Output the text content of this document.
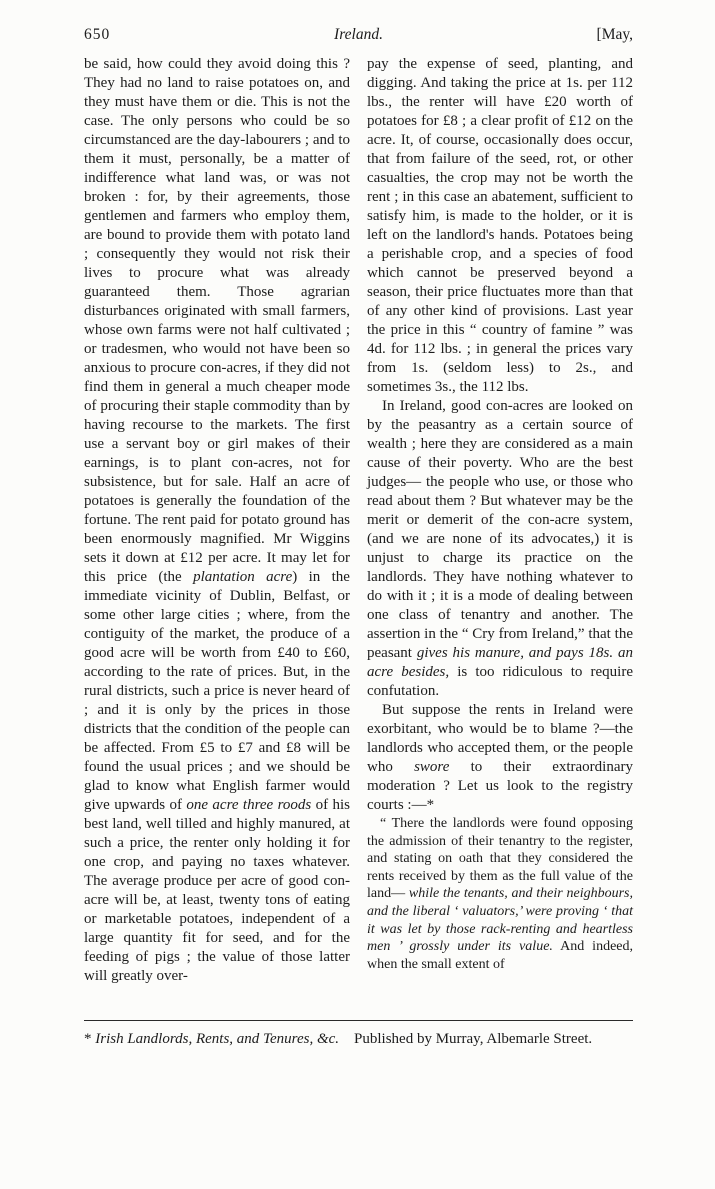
650	Ireland.	[May,

be said, how could they avoid doing this ? They had no land to raise potatoes on, and they must have them or die. This is not the case. The only persons who could be so circumstanced are the day-labourers ; and to them it must, personally, be a matter of indifference what land was, or was not broken : for, by their agreements, those gentlemen and farmers who employ them, are bound to provide them with potato land ; consequently they would not risk their lives to procure what was already guaranteed them. Those agrarian disturbances originated with small farmers, whose own farms were not half cultivated ; or tradesmen, who would not have been so anxious to procure con-acres, if they did not find them in general a much cheaper mode of procuring their staple commodity than by having recourse to the markets. The first use a servant boy or girl makes of their earnings, is to plant con-acres, not for subsistence, but for sale. Half an acre of potatoes is generally the foundation of the fortune. The rent paid for potato ground has been enormously magnified. Mr Wiggins sets it down at £12 per acre. It may let for this price (the plantation acre) in the immediate vicinity of Dublin, Belfast, or some other large cities ; where, from the contiguity of the market, the produce of a good acre will be worth from £40 to £60, according to the rate of prices. But, in the rural districts, such a price is never heard of ; and it is only by the prices in those districts that the condition of the people can be affected. From £5 to £7 and £8 will be found the usual prices ; and we should be glad to know what English farmer would give upwards of one acre three roods of his best land, well tilled and highly manured, at such a price, the renter only holding it for one crop, and paying no taxes whatever. The average produce per acre of good con-acre will be, at least, twenty tons of eating or marketable potatoes, independent of a large quantity fit for seed, and for the feeding of pigs ; the value of those latter will greatly over-

pay the expense of seed, planting, and digging. And taking the price at 1s. per 112 lbs., the renter will have £20 worth of potatoes for £8 ; a clear profit of £12 on the acre. It, of course, occasionally does occur, that from failure of the seed, rot, or other casualties, the crop may not be worth the rent ; in this case an abatement, sufficient to satisfy him, is made to the holder, or it is left on the landlord's hands. Potatoes being a perishable crop, and a species of food which cannot be preserved beyond a season, their price fluctuates more than that of any other kind of provisions. Last year the price in this “ country of famine ” was 4d. for 112 lbs. ; in general the prices vary from 1s. (seldom less) to 2s., and sometimes 3s., the 112 lbs.

In Ireland, good con-acres are looked on by the peasantry as a certain source of wealth ; here they are considered as a main cause of their poverty. Who are the best judges— the people who use, or those who read about them ? But whatever may be the merit or demerit of the con-acre system, (and we are none of its advocates,) it is unjust to charge its practice on the landlords. They have nothing whatever to do with it ; it is a mode of dealing between one class of tenantry and another. The assertion in the “ Cry from Ireland,” that the peasant gives his manure, and pays 18s. an acre besides, is too ridiculous to require confutation.

But suppose the rents in Ireland were exorbitant, who would be to blame ?—the landlords who accepted them, or the people who swore to their extraordinary moderation ? Let us look to the registry courts :—*

“ There the landlords were found opposing the admission of their tenantry to the register, and stating on oath that they considered the rents received by them as the full value of the land— while the tenants, and their neighbours, and the liberal ‘ valuators,’ were proving ‘ that it was let by those rack-renting and heartless men ’ grossly under its value. And indeed, when the small extent of

* Irish Landlords, Rents, and Tenures, &c. Published by Murray, Albemarle Street.
